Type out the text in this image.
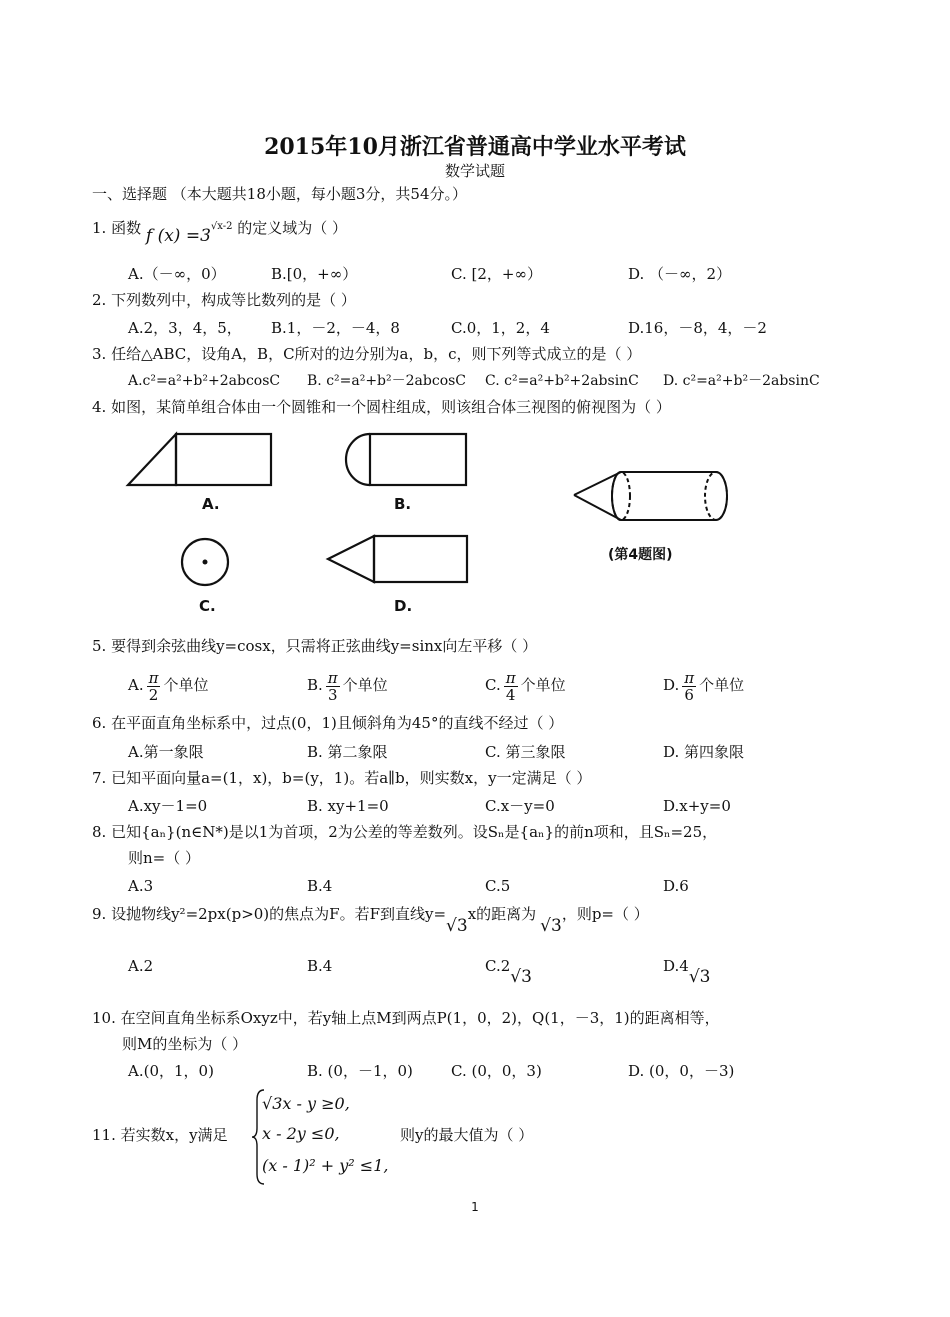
2015年10月浙江省普通高中学业水平考试
数学试题
一、选择题 （本大题共18小题，每小题3分，共54分。）
1. 函数 f $(x) =3^{√x-2}$ 的定义域为（ ）
A.（－∞，0）	B.[0，+∞）	C. [2，+∞）	D. （－∞，2）
2. 下列数列中，构成等比数列的是（ ）
A.2，3，4，5， B.1，－2，－4，8	C.0，1，2，4	D.16，－8，4，－2
3. 任给△ABC，设角A，B，C所对的边分别为a，b，c，则下列等式成立的是（ ）
A.c²=a²+b²+2abcosC B. c²=a²+b²－2abcosC C. c²=a²+b²+2absinC D. c²=a²+b²－2absinC
4. 如图，某简单组合体由一个圆锥和一个圆柱组成，则该组合体三视图的俯视图为（ ）
A.	B.
C.	D.
(第4题图)
5. 要得到余弦曲线y=cosx，只需将正弦曲线y=sinx向左平移（ ）
A. $\frac{\pi}{2}$ 个单位	B. $\frac{\pi}{3}$ 个单位	C. $\frac{\pi}{4}$ 个单位	D. $\frac{\pi}{6}$ 个单位
6. 在平面直角坐标系中，过点(0，1)且倾斜角为45°的直线不经过（ ）
A.第一象限	B. 第二象限	C. 第三象限	D. 第四象限
7. 已知平面向量a=(1，x)，b=(y，1)。若a∥b，则实数x，y一定满足（ ）
A.xy－1=0	B. xy+1=0	C.x－y=0	D.x+y=0
8. 已知{aₙ}(n∈N*)是以1为首项，2为公差的等差数列。设Sₙ是{aₙ}的前n项和，且Sₙ=25，
则n=（ ）
A.3	B.4	C.5	D.6
9. 设抛物线y²=2px(p>0)的焦点为F。若F到直线y=√3x的距离为√3，则p=（ ）
A.2	B.4	C.2√3
D.4√3
10. 在空间直角坐标系Oxyz中，若y轴上点M到两点P(1，0，2)，Q(1，－3，1)的距离相等，
则M的坐标为（ ）
A.(0，1，0)	B. (0，－1，0)	C. (0，0，3)	D. (0，0，－3)
11. 若实数x，y满足
√3x - y ≥0,
x - 2y ≤0,
(x - 1)² + y² ≤1,
则y的最大值为（ ）
1
